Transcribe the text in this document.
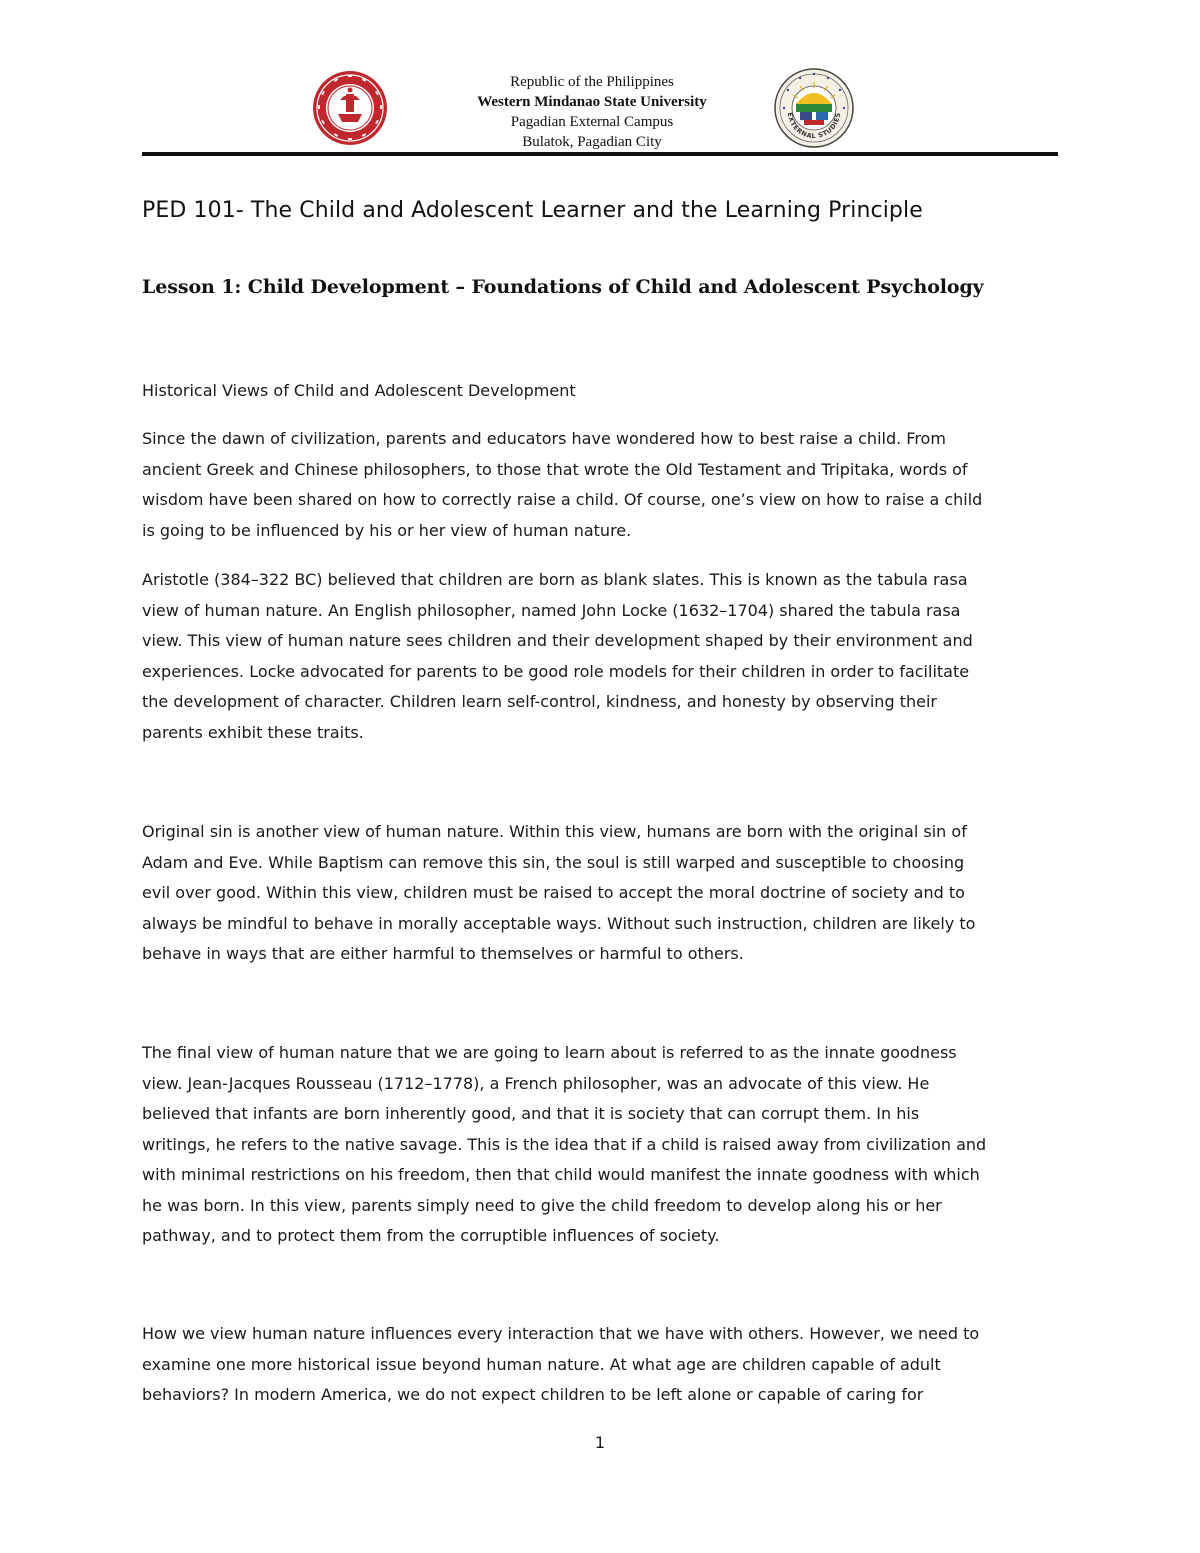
Republic of the Philippines
Western Mindanao State University
Pagadian External Campus
Bulatok, Pagadian City
EXTERNAL STUDIES
PED 101- The Child and Adolescent Learner and the Learning Principle
Lesson 1: Child Development – Foundations of Child and Adolescent Psychology
Historical Views of Child and Adolescent Development

Since the dawn of civilization, parents and educators have wondered how to best raise a child. From
ancient Greek and Chinese philosophers, to those that wrote the Old Testament and Tripitaka, words of
wisdom have been shared on how to correctly raise a child. Of course, one’s view on how to raise a child
is going to be influenced by his or her view of human nature.

Aristotle (384–322 BC) believed that children are born as blank slates. This is known as the tabula rasa
view of human nature. An English philosopher, named John Locke (1632–1704) shared the tabula rasa
view. This view of human nature sees children and their development shaped by their environment and
experiences. Locke advocated for parents to be good role models for their children in order to facilitate
the development of character. Children learn self-control, kindness, and honesty by observing their
parents exhibit these traits.

Original sin is another view of human nature. Within this view, humans are born with the original sin of
Adam and Eve. While Baptism can remove this sin, the soul is still warped and susceptible to choosing
evil over good. Within this view, children must be raised to accept the moral doctrine of society and to
always be mindful to behave in morally acceptable ways. Without such instruction, children are likely to
behave in ways that are either harmful to themselves or harmful to others.

The final view of human nature that we are going to learn about is referred to as the innate goodness
view. Jean-Jacques Rousseau (1712–1778), a French philosopher, was an advocate of this view. He
believed that infants are born inherently good, and that it is society that can corrupt them. In his
writings, he refers to the native savage. This is the idea that if a child is raised away from civilization and
with minimal restrictions on his freedom, then that child would manifest the innate goodness with which
he was born. In this view, parents simply need to give the child freedom to develop along his or her
pathway, and to protect them from the corruptible influences of society.

How we view human nature influences every interaction that we have with others. However, we need to
examine one more historical issue beyond human nature. At what age are children capable of adult
behaviors? In modern America, we do not expect children to be left alone or capable of caring for

1
